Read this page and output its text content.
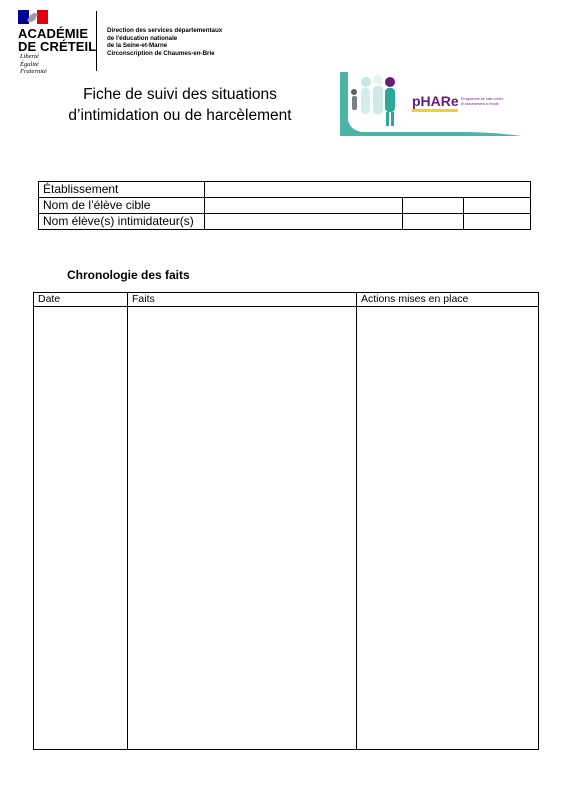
ACADÉMIE
DE CRÉTEIL
Liberté
Égalité
Fraternité
Direction des services départementaux
de l'éducation nationale
de la Seine-et-Marne
Circonscription de Chaumes-en-Brie
Fiche de suivi des situations
d’intimidation ou de harcèlement
pHARe Programme de lutte contre
le harcèlement à l'école
Établissement			
Nom de l’élève cible			
Nom élève(s) intimidateur(s)			
Chronologie des faits
Date	Faits	Actions mises en place
